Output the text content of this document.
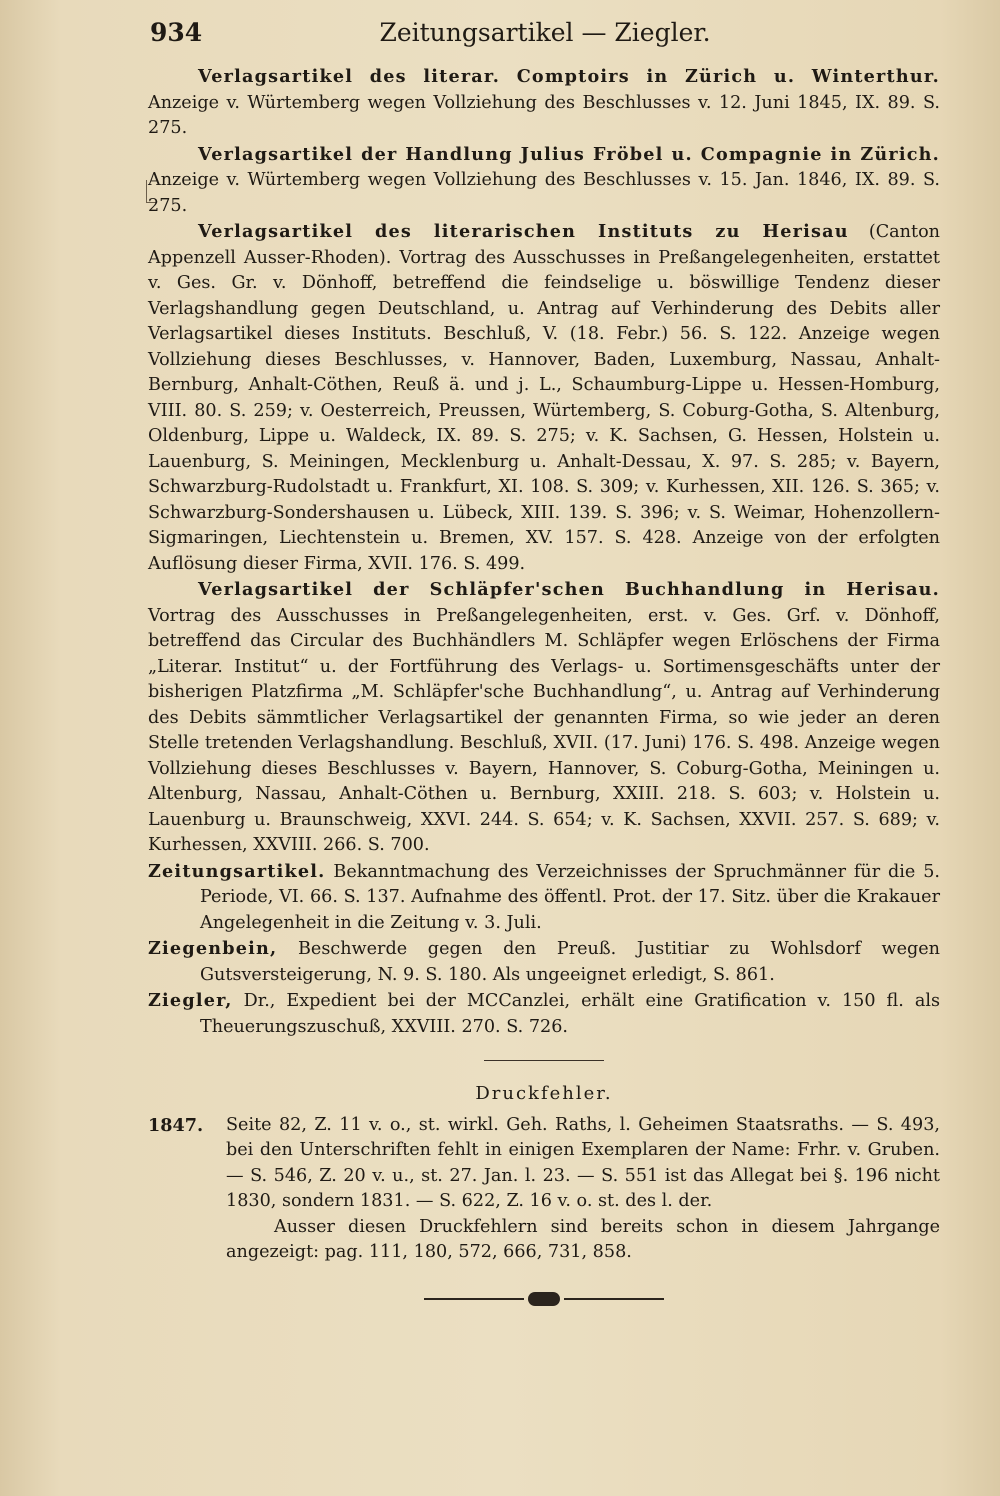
934	Zeitungsartikel — Ziegler.

Verlagsartikel des literar. Comptoirs in Zürich u. Winterthur. Anzeige v. Würtemberg wegen Vollziehung des Beschlusses v. 12. Juni 1845, IX. 89. S. 275.

Verlagsartikel der Handlung Julius Fröbel u. Compagnie in Zürich. Anzeige v. Würtemberg wegen Vollziehung des Beschlusses v. 15. Jan. 1846, IX. 89. S. 275.

Verlagsartikel des literarischen Instituts zu Herisau (Canton Appenzell Ausser-Rhoden). Vortrag des Ausschusses in Preßangelegenheiten, erstattet v. Ges. Gr. v. Dönhoff, betreffend die feindselige u. böswillige Tendenz dieser Verlagshandlung gegen Deutschland, u. Antrag auf Verhinderung des Debits aller Verlagsartikel dieses Instituts. Beschluß, V. (18. Febr.) 56. S. 122. Anzeige wegen Vollziehung dieses Beschlusses, v. Hannover, Baden, Luxemburg, Nassau, Anhalt-Bernburg, Anhalt-Cöthen, Reuß ä. und j. L., Schaumburg-Lippe u. Hessen-Homburg, VIII. 80. S. 259; v. Oesterreich, Preussen, Würtemberg, S. Coburg-Gotha, S. Altenburg, Oldenburg, Lippe u. Waldeck, IX. 89. S. 275; v. K. Sachsen, G. Hessen, Holstein u. Lauenburg, S. Meiningen, Mecklenburg u. Anhalt-Dessau, X. 97. S. 285; v. Bayern, Schwarzburg-Rudolstadt u. Frankfurt, XI. 108. S. 309; v. Kurhessen, XII. 126. S. 365; v. Schwarzburg-Sondershausen u. Lübeck, XIII. 139. S. 396; v. S. Weimar, Hohenzollern-Sigmaringen, Liechtenstein u. Bremen, XV. 157. S. 428. Anzeige von der erfolgten Auflösung dieser Firma, XVII. 176. S. 499.

Verlagsartikel der Schläpfer'schen Buchhandlung in Herisau. Vortrag des Ausschusses in Preßangelegenheiten, erst. v. Ges. Grf. v. Dönhoff, betreffend das Circular des Buchhändlers M. Schläpfer wegen Erlöschens der Firma „Literar. Institut“ u. der Fortführung des Verlags- u. Sortimensgeschäfts unter der bisherigen Platzfirma „M. Schläpfer'sche Buchhandlung“, u. Antrag auf Verhinderung des Debits sämmtlicher Verlagsartikel der genannten Firma, so wie jeder an deren Stelle tretenden Verlagshandlung. Beschluß, XVII. (17. Juni) 176. S. 498. Anzeige wegen Vollziehung dieses Beschlusses v. Bayern, Hannover, S. Coburg-Gotha, Meiningen u. Altenburg, Nassau, Anhalt-Cöthen u. Bernburg, XXIII. 218. S. 603; v. Holstein u. Lauenburg u. Braunschweig, XXVI. 244. S. 654; v. K. Sachsen, XXVII. 257. S. 689; v. Kurhessen, XXVIII. 266. S. 700.

Zeitungsartikel. Bekanntmachung des Verzeichnisses der Spruchmänner für die 5. Periode, VI. 66. S. 137. Aufnahme des öffentl. Prot. der 17. Sitz. über die Krakauer Angelegenheit in die Zeitung v. 3. Juli.

Ziegenbein, Beschwerde gegen den Preuß. Justitiar zu Wohlsdorf wegen Gutsversteigerung, N. 9. S. 180. Als ungeeignet erledigt, S. 861.

Ziegler, Dr., Expedient bei der MCCanzlei, erhält eine Gratification v. 150 fl. als Theuerungszuschuß, XXVIII. 270. S. 726.

Druckfehler.

1847. Seite 82, Z. 11 v. o., st. wirkl. Geh. Raths, l. Geheimen Staatsraths. — S. 493, bei den Unterschriften fehlt in einigen Exemplaren der Name: Frhr. v. Gruben. — S. 546, Z. 20 v. u., st. 27. Jan. l. 23. — S. 551 ist das Allegat bei §. 196 nicht 1830, sondern 1831. — S. 622, Z. 16 v. o. st. des l. der.

Ausser diesen Druckfehlern sind bereits schon in diesem Jahrgange angezeigt: pag. 111, 180, 572, 666, 731, 858.
